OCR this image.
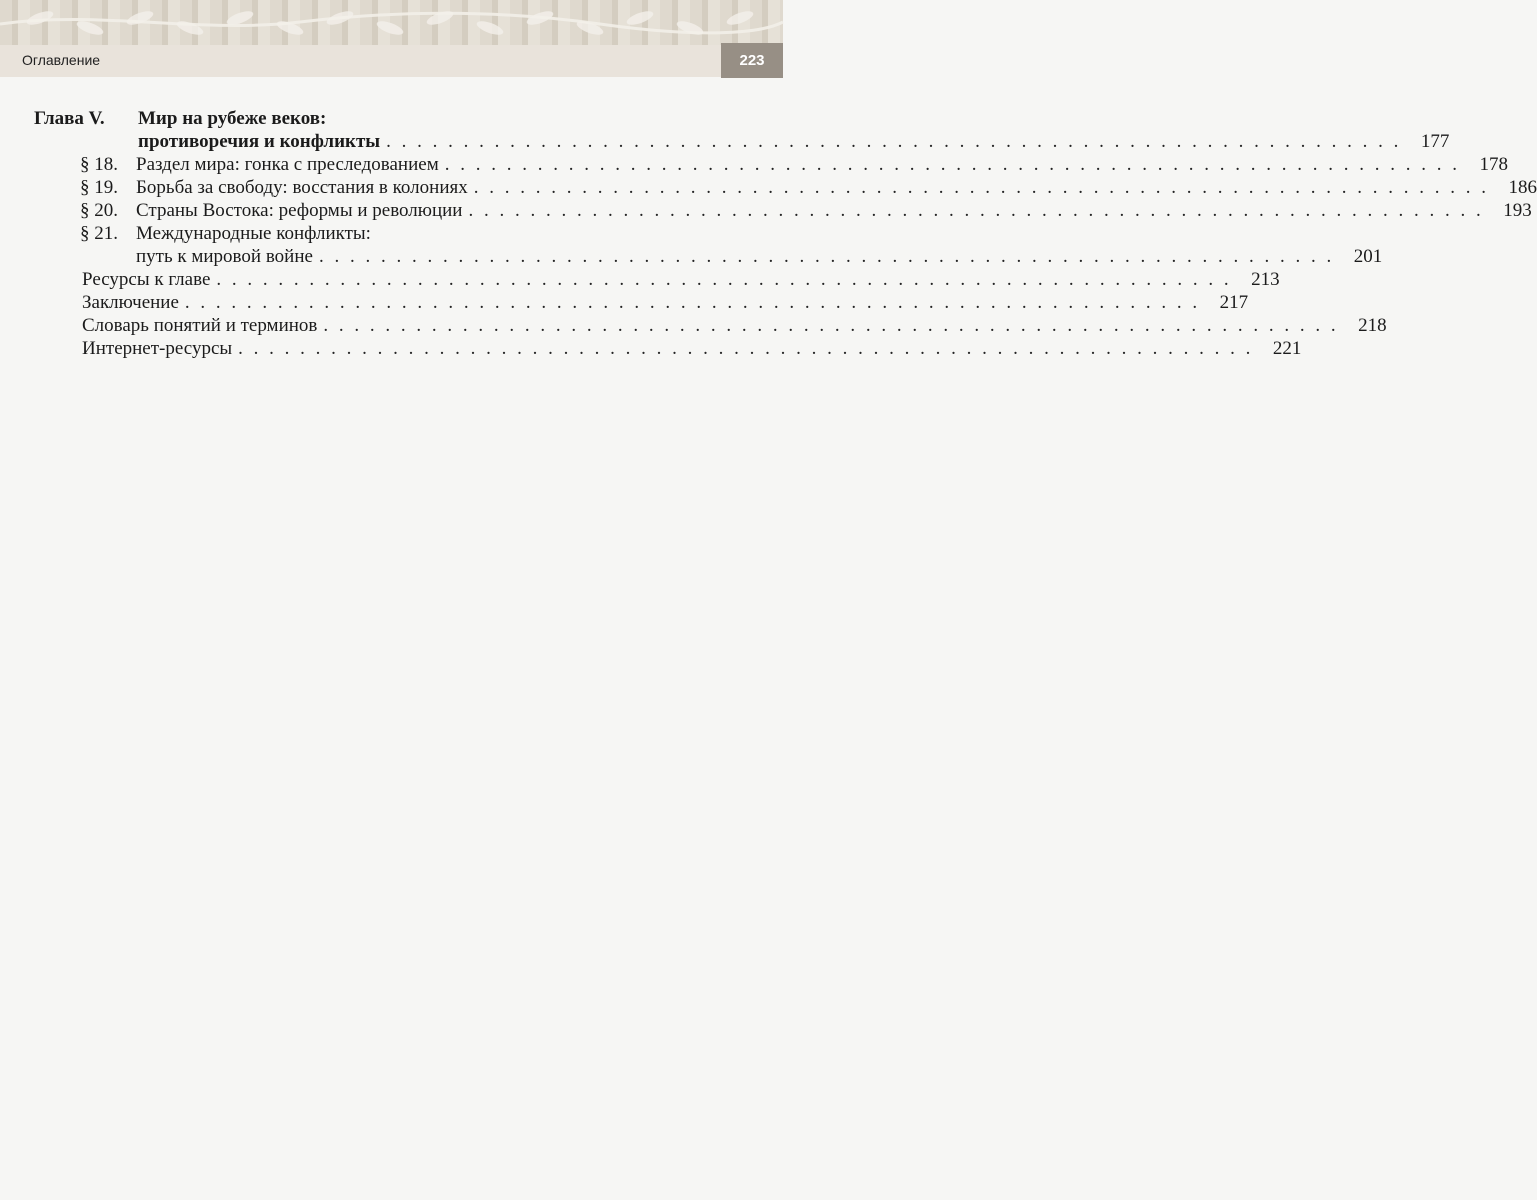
Оглавление	223
Глава V. Мир на рубеже веков:
противоречия и конфликты . . . . . . . . . . . . . . . . . . . . . . . . . . . . . . . . . . . . . . . . . . . . . . . . . . . . . . . . . . . . . . . . . .	177
§ 18. Раздел мира: гонка с преследованием . . . . . . . . . . . . . . . . . . . . . . . . . . . . . . . . . . . . . . . . . . . . . . . . . . . . . . . . . . . . . . . . . .	178
§ 19. Борьба за свободу: восстания в колониях . . . . . . . . . . . . . . . . . . . . . . . . . . . . . . . . . . . . . . . . . . . . . . . . . . . . . . . . . . . . . . . . . .	186
§ 20. Страны Востока: реформы и революции . . . . . . . . . . . . . . . . . . . . . . . . . . . . . . . . . . . . . . . . . . . . . . . . . . . . . . . . . . . . . . . . . .	193
§ 21. Международные конфликты:
путь к мировой войне . . . . . . . . . . . . . . . . . . . . . . . . . . . . . . . . . . . . . . . . . . . . . . . . . . . . . . . . . . . . . . . . . .	201
Ресурсы к главе . . . . . . . . . . . . . . . . . . . . . . . . . . . . . . . . . . . . . . . . . . . . . . . . . . . . . . . . . . . . . . . . . .	213
Заключение . . . . . . . . . . . . . . . . . . . . . . . . . . . . . . . . . . . . . . . . . . . . . . . . . . . . . . . . . . . . . . . . . .	217
Словарь понятий и терминов . . . . . . . . . . . . . . . . . . . . . . . . . . . . . . . . . . . . . . . . . . . . . . . . . . . . . . . . . . . . . . . . . .	218
Интернет-ресурсы . . . . . . . . . . . . . . . . . . . . . . . . . . . . . . . . . . . . . . . . . . . . . . . . . . . . . . . . . . . . . . . . . .	221
